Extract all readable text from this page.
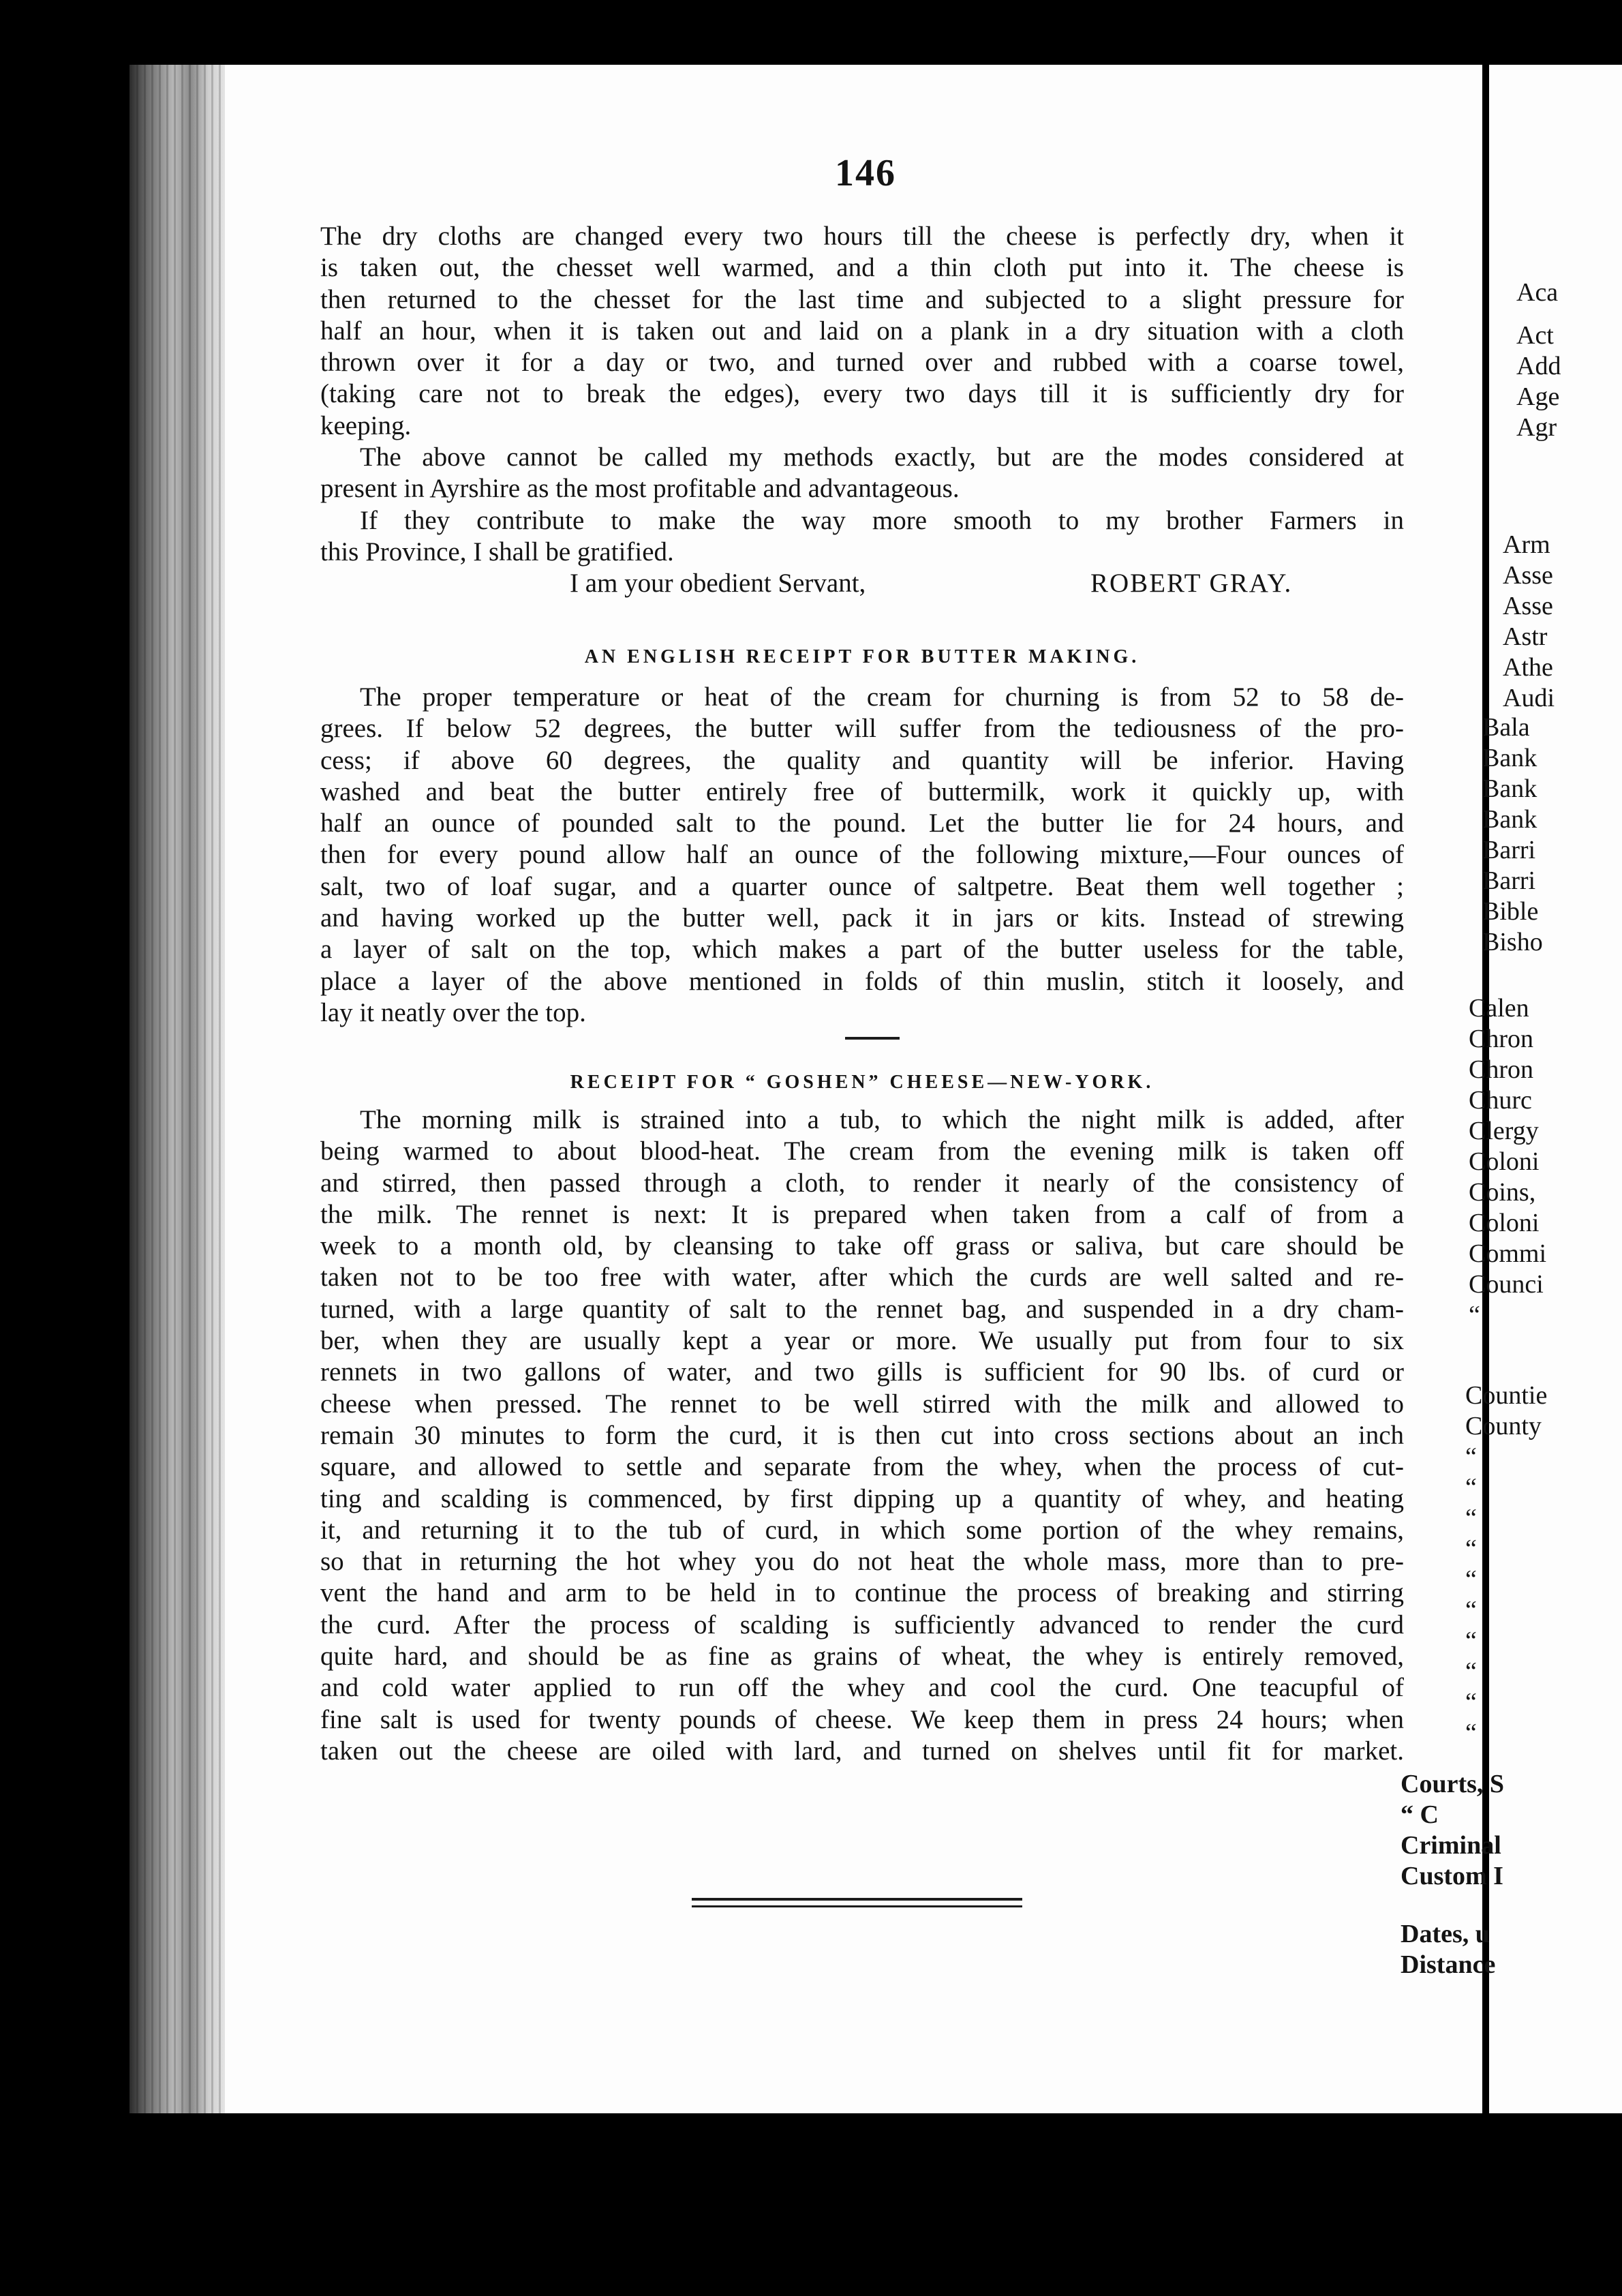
Aca
Act
Add
Age
Agr
Arm
Asse
Asse
Astr
Athe
Audi
Bala
Bank
Bank
Bank
Barri
Barri
Bible
Bisho
Calen
Chron
Chron
Churc
Clergy
Coloni
Coins,
Coloni
Commi
Counci
“
Countie
County
“
“
“
“
“
“
“
“
“
“
Courts, S
“ C
Criminal
Custom I
Dates, u
Distance
146
The dry cloths are changed every two hours till the cheese is perfectly dry, when it
is taken out, the chesset well warmed, and a thin cloth put into it. The cheese is
then returned to the chesset for the last time and subjected to a slight pressure for
half an hour, when it is taken out and laid on a plank in a dry situation with a cloth
thrown over it for a day or two, and turned over and rubbed with a coarse towel,
(taking care not to break the edges), every two days till it is sufficiently dry for
keeping.
The above cannot be called my methods exactly, but are the modes considered at
present in Ayrshire as the most profitable and advantageous.
If they contribute to make the way more smooth to my brother Farmers in
this Province, I shall be gratified.
I am your obedient Servant,	ROBERT GRAY.
AN ENGLISH RECEIPT FOR BUTTER MAKING.
The proper temperature or heat of the cream for churning is from 52 to 58 de-
grees. If below 52 degrees, the butter will suffer from the tediousness of the pro-
cess; if above 60 degrees, the quality and quantity will be inferior. Having
washed and beat the butter entirely free of buttermilk, work it quickly up, with
half an ounce of pounded salt to the pound. Let the butter lie for 24 hours, and
then for every pound allow half an ounce of the following mixture,—Four ounces of
salt, two of loaf sugar, and a quarter ounce of saltpetre. Beat them well together ;
and having worked up the butter well, pack it in jars or kits. Instead of strewing
a layer of salt on the top, which makes a part of the butter useless for the table,
place a layer of the above mentioned in folds of thin muslin, stitch it loosely, and
lay it neatly over the top.
RECEIPT FOR “ GOSHEN” CHEESE—NEW-YORK.
The morning milk is strained into a tub, to which the night milk is added, after
being warmed to about blood-heat. The cream from the evening milk is taken off
and stirred, then passed through a cloth, to render it nearly of the consistency of
the milk. The rennet is next: It is prepared when taken from a calf of from a
week to a month old, by cleansing to take off grass or saliva, but care should be
taken not to be too free with water, after which the curds are well salted and re-
turned, with a large quantity of salt to the rennet bag, and suspended in a dry cham-
ber, when they are usually kept a year or more. We usually put from four to six
rennets in two gallons of water, and two gills is sufficient for 90 lbs. of curd or
cheese when pressed. The rennet to be well stirred with the milk and allowed to
remain 30 minutes to form the curd, it is then cut into cross sections about an inch
square, and allowed to settle and separate from the whey, when the process of cut-
ting and scalding is commenced, by first dipping up a quantity of whey, and heating
it, and returning it to the tub of curd, in which some portion of the whey remains,
so that in returning the hot whey you do not heat the whole mass, more than to pre-
vent the hand and arm to be held in to continue the process of breaking and stirring
the curd. After the process of scalding is sufficiently advanced to render the curd
quite hard, and should be as fine as grains of wheat, the whey is entirely removed,
and cold water applied to run off the whey and cool the curd. One teacupful of
fine salt is used for twenty pounds of cheese. We keep them in press 24 hours; when
taken out the cheese are oiled with lard, and turned on shelves until fit for market.
